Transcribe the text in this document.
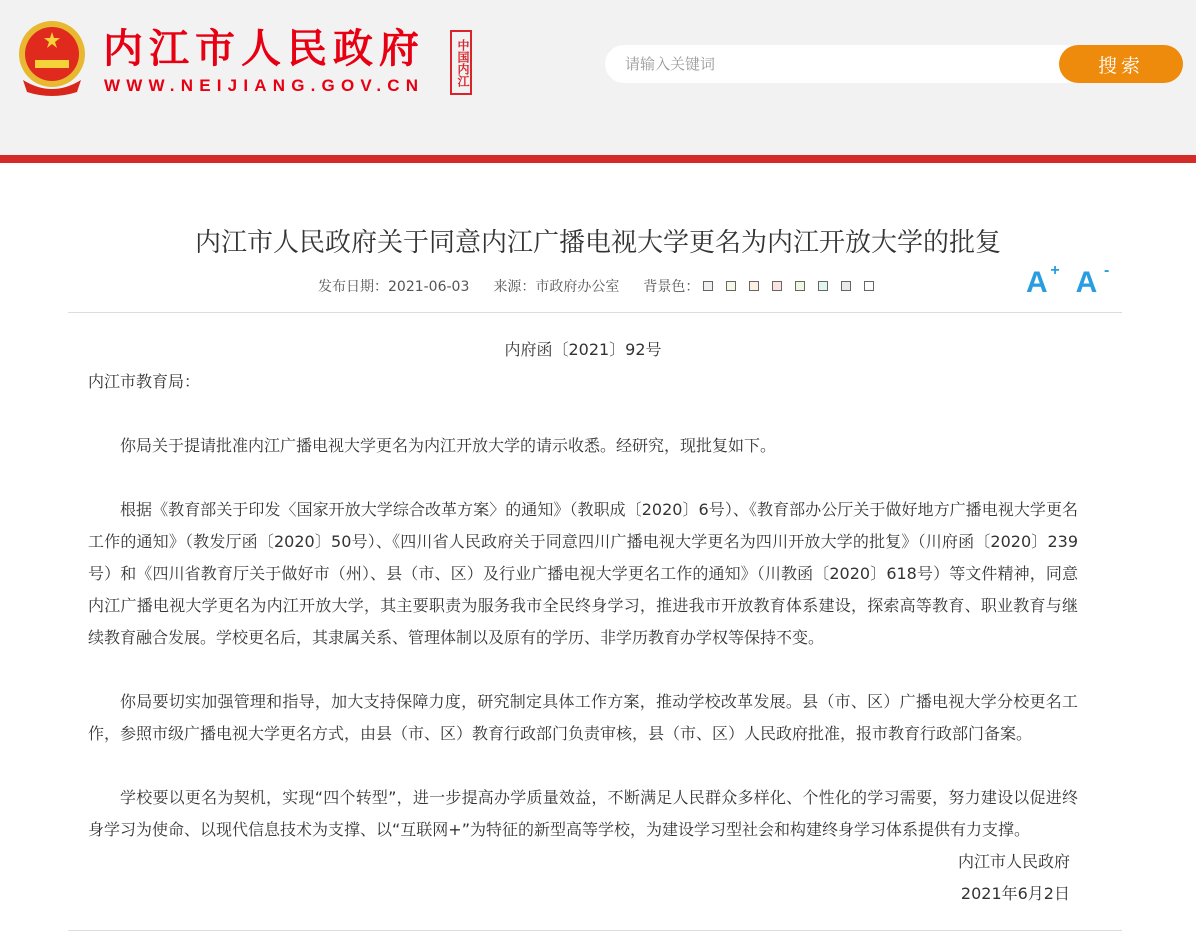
内江市人民政府
WWW.NEIJIANG.GOV.CN	中国内江
请输入关键词	搜索
内江市人民政府关于同意内江广播电视大学更名为内江开放大学的批复
发布日期：2021-06-03 来源：市政府办公室 背景色：	A + A -
内府函〔2021〕92号

内江市教育局：

你局关于提请批准内江广播电视大学更名为内江开放大学的请示收悉。经研究，现批复如下。

根据《教育部关于印发〈国家开放大学综合改革方案〉的通知》（教职成〔2020〕6号）、《教育部办公厅关于做好地方广播电视大学更名工作的通知》（教发厅函〔2020〕50号）、《四川省人民政府关于同意四川广播电视大学更名为四川开放大学的批复》（川府函〔2020〕239号）和《四川省教育厅关于做好市（州）、县（市、区）及行业广播电视大学更名工作的通知》（川教函〔2020〕618号）等文件精神，同意内江广播电视大学更名为内江开放大学，其主要职责为服务我市全民终身学习，推进我市开放教育体系建设，探索高等教育、职业教育与继续教育融合发展。学校更名后，其隶属关系、管理体制以及原有的学历、非学历教育办学权等保持不变。

你局要切实加强管理和指导，加大支持保障力度，研究制定具体工作方案，推动学校改革发展。县（市、区）广播电视大学分校更名工作，参照市级广播电视大学更名方式，由县（市、区）教育行政部门负责审核，县（市、区）人民政府批准，报市教育行政部门备案。

学校要以更名为契机，实现“四个转型”，进一步提高办学质量效益，不断满足人民群众多样化、个性化的学习需要，努力建设以促进终身学习为使命、以现代信息技术为支撑、以“互联网+”为特征的新型高等学校，为建设学习型社会和构建终身学习体系提供有力支撑。

内江市人民政府
2021年6月2日
